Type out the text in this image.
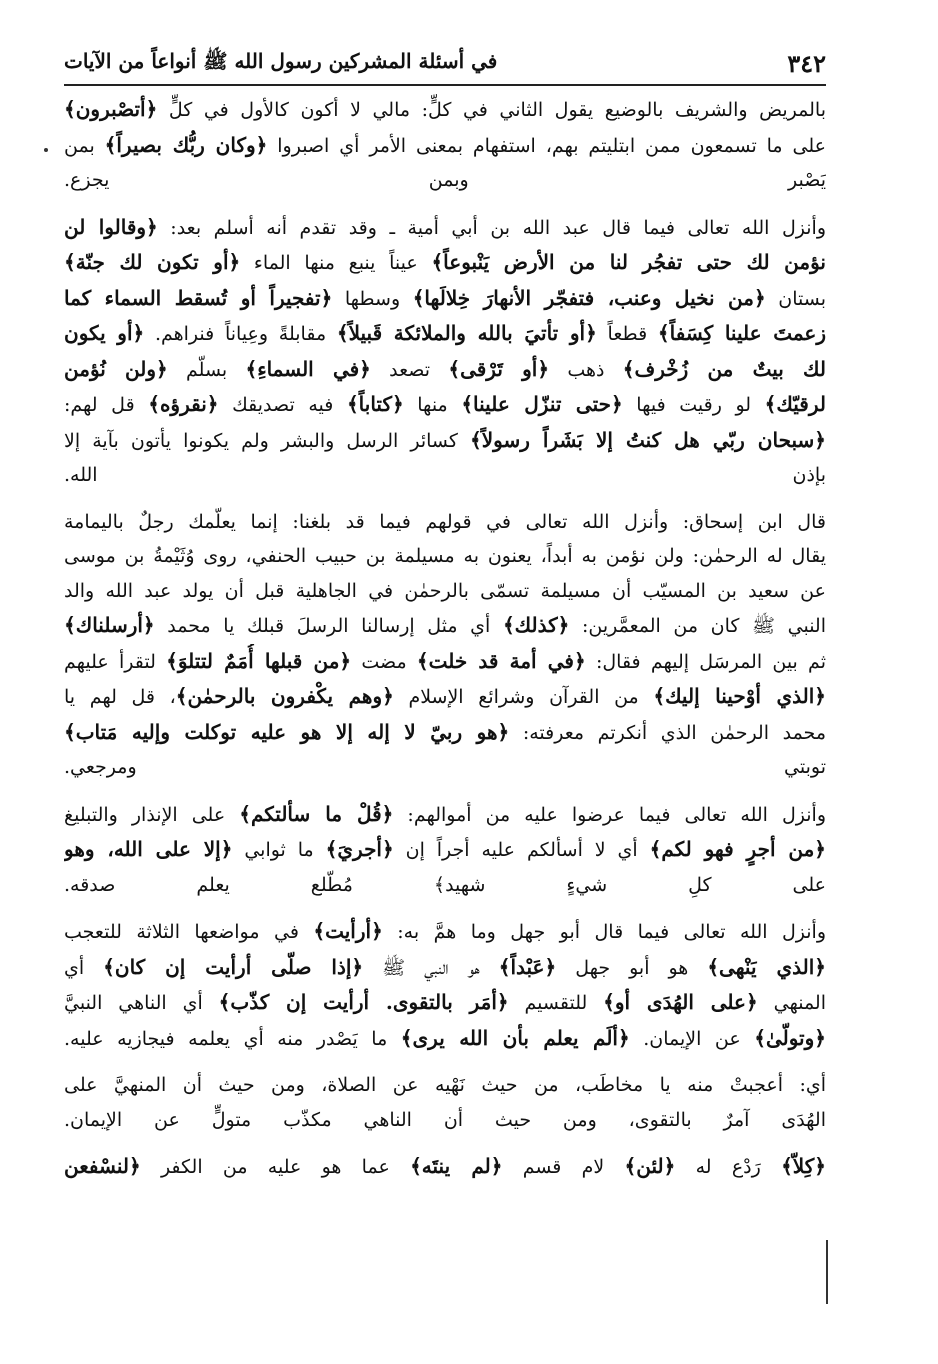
٣٤٢
في أسئلة المشركين رسول الله ﷺ أنواعاً من الآيات

بالمريض والشريف بالوضيع يقول الثاني في كلٍّ: مالي لا أكون كالأول في كلٍّ ﴿أتصْبرون﴾
على ما تسمعون ممن ابتليتم بهم، استفهام بمعنى الأمر أي اصبروا ﴿وكان ربُّك بصيراً﴾ بمن
يَصْبر وبمن يجزع.

وأنزل الله تعالى فيما قال عبد الله بن أبي أمية ـ وقد تقدم أنه أسلم بعد: ﴿وقالوا لن
نؤمن لك حتى تفجُر لنا من الأرض يَنْبوعاً﴾ عيناً ينبع منها الماء ﴿أو تكون لك جنّة﴾
بستان ﴿من نخيل وعنب، فتفجّر الأنهارَ خِلالَها﴾ وسطها ﴿تفجيراً أو تُسقط السماء كما
زعمتَ علينا كِسَفاً﴾ قطعاً ﴿أو تأتيَ بالله والملائكة قَبيلاً﴾ مقابلةً وعِياناً فنراهم. ﴿أو يكون
لك بيتٌ من زُخْرف﴾ ذهب ﴿أو تَرْقى﴾ تصعد ﴿في السماءِ﴾ بسلّم ﴿ولن نُؤمن
لرقيّك﴾ لو رقيت فيها ﴿حتى تنزّل علينا﴾ منها ﴿كتاباً﴾ فيه تصديقك ﴿نقرؤه﴾ قل لهم:
﴿سبحان ربّي هل كنتُ إلا بَشَراً رسولاً﴾ كسائر الرسل والبشر ولم يكونوا يأتون بآية إلا
بإذن الله.

قال ابن إسحاق: وأنزل الله تعالى في قولهم فيما قد بلغنا: إنما يعلّمك رجلٌ باليمامة
يقال له الرحمٰن: ولن نؤمن به أبداً، يعنون به مسيلمة بن حبيب الحنفي، روى وُثَيْمةُ بن موسى
عن سعيد بن المسيّب أن مسيلمة تسمّى بالرحمٰن في الجاهلية قبل أن يولد عبد الله والد
النبي ﷺ كان من المعمَّرين: ﴿كذلك﴾ أي مثل إرسالنا الرسلَ قبلك يا محمد ﴿أرسلناك﴾
ثم بين المرسَل إليهم فقال: ﴿في أمة قد خلت﴾ مضت ﴿من قبلها أُمَمٌ لتتلوَ﴾ لتقرأ عليهم
﴿الذي أوْحينا إليك﴾ من القرآن وشرائع الإسلام ﴿وهم يكْفرون بالرحمٰن﴾، قل لهم يا
محمد الرحمٰن الذي أنكرتم معرفته: ﴿هو ربيّ لا إله إلا هو عليه توكلت وإليه مَتاب﴾
توبتي ومرجعي.

وأنزل الله تعالى فيما عرضوا عليه من أموالهم: ﴿قُلْ ما سألتكم﴾ على الإنذار والتبليغ
﴿من أجرٍ فهو لكم﴾ أي لا أسألكم عليه أجراً إن ﴿أجريَ﴾ ما ثوابي ﴿إلا على الله، وهو
على كلِ شيءٍ شهيد﴾ مُطّلع يعلم صدقه.

وأنزل الله تعالى فيما قال أبو جهل وما همَّ به: ﴿أرأيت﴾ في مواضعها الثلاثة للتعجب
﴿الذي يَنْهى﴾ هو أبو جهل ﴿عَبْداً﴾ هو النبي ﷺ ﴿إذا صلّى أرأيت إن كان﴾ أي
المنهي ﴿على الهُدَى أو﴾ للتقسيم ﴿أمَر بالتقوى. أرأيت إن كذّب﴾ أي الناهي النبيَّ
﴿وتولّىٰ﴾ عن الإيمان. ﴿ألَم يعلم بأن الله يرى﴾ ما يَصْدر منه أي يعلمه فيجازيه عليه.

أي: أعجبتْ منه يا مخاطَب، من حيث نَهْيه عن الصلاة، ومن حيث أن المنهيَّ على
الهُدَى آمرٌ بالتقوى، ومن حيث أن الناهي مكذّب متولٍّ عن الإيمان.

﴿كِلاّ﴾ رَدْع له ﴿لئن﴾ لام قسم ﴿لم ينتَه﴾ عما هو عليه من الكفر ﴿لنسْفعن
